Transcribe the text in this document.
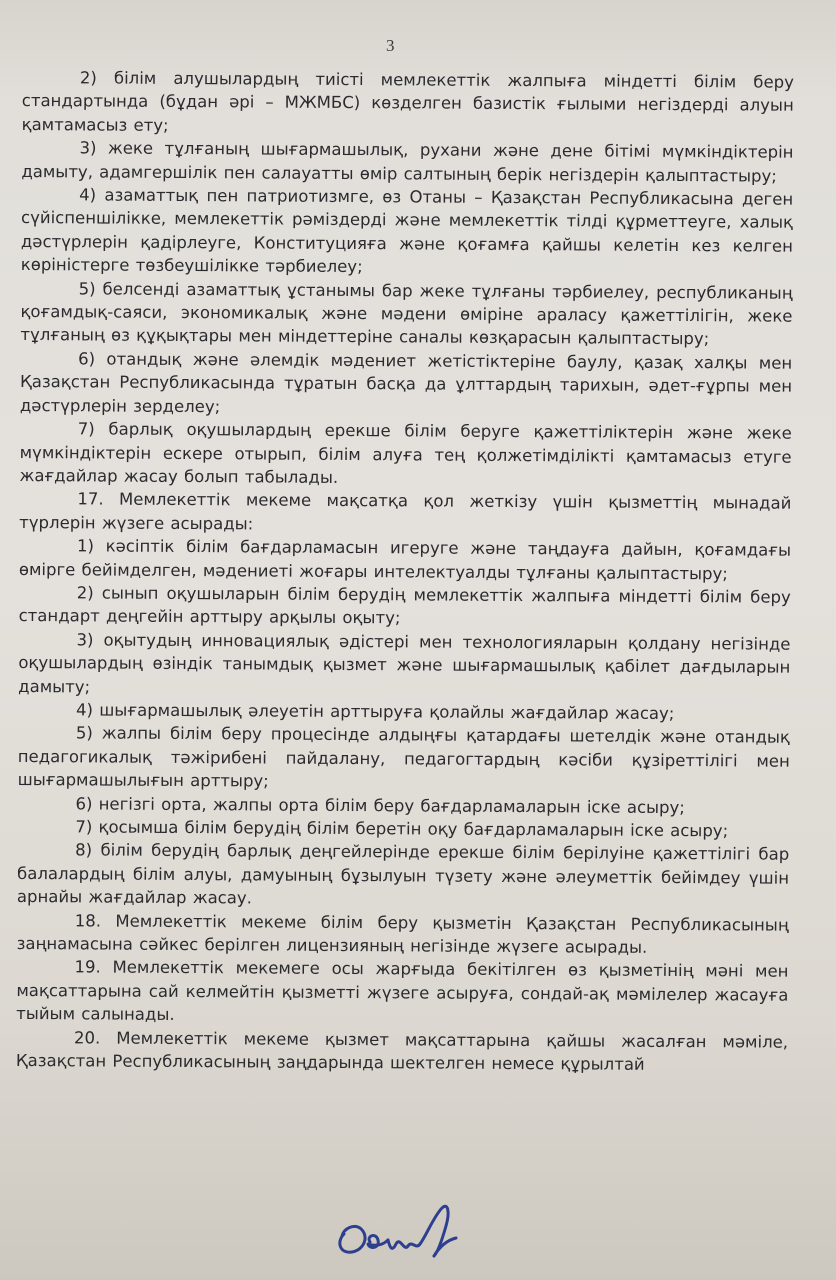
3

2) білім алушылардың тиісті мемлекеттік жалпыға міндетті білім беру стандартында (бұдан әрі – МЖМБС) көзделген базистік ғылыми негіздерді алуын қамтамасыз ету;

3) жеке тұлғаның шығармашылық, рухани және дене бітімі мүмкіндіктерін дамыту, адамгершілік пен салауатты өмір салтының берік негіздерін қалыптастыру;

4) азаматтық пен патриотизмге, өз Отаны – Қазақстан Республикасына деген сүйіспеншілікке, мемлекеттік рәміздерді және мемлекеттік тілді құрметтеуге, халық дәстүрлерін қадірлеуге, Конституцияға және қоғамға қайшы келетін кез келген көріністерге төзбеушілікке тәрбиелеу;

5) белсенді азаматтық ұстанымы бар жеке тұлғаны тәрбиелеу, республиканың қоғамдық-саяси, экономикалық және мәдени өміріне араласу қажеттілігін, жеке тұлғаның өз құқықтары мен міндеттеріне саналы көзқарасын қалыптастыру;

6) отандық және әлемдік мәдениет жетістіктеріне баулу, қазақ халқы мен Қазақстан Республикасында тұратын басқа да ұлттардың тарихын, әдет-ғұрпы мен дәстүрлерін зерделеу;

7) барлық оқушылардың ерекше білім беруге қажеттіліктерін және жеке мүмкіндіктерін ескере отырып, білім алуға тең қолжетімділікті қамтамасыз етуге жағдайлар жасау болып табылады.

17. Мемлекеттік мекеме мақсатқа қол жеткізу үшін қызметтің мынадай түрлерін жүзеге асырады:

1) кәсіптік білім бағдарламасын игеруге және таңдауға дайын, қоғамдағы өмірге бейімделген, мәдениеті жоғары интелектуалды тұлғаны қалыптастыру;

2) сынып оқушыларын білім берудің мемлекеттік жалпыға міндетті білім беру стандарт деңгейін арттыру арқылы оқыту;

3) оқытудың инновациялық әдістері мен технологияларын қолдану негізінде оқушылардың өзіндік танымдық қызмет және шығармашылық қабілет дағдыларын дамыту;

4) шығармашылық әлеуетін арттыруға қолайлы жағдайлар жасау;

5) жалпы білім беру процесінде алдыңғы қатардағы шетелдік және отандық педагогикалық тәжірибені пайдалану, педагогтардың кәсіби құзіреттілігі мен шығармашылығын арттыру;

6) негізгі орта, жалпы орта білім беру бағдарламаларын іске асыру;

7) қосымша білім берудің білім беретін оқу бағдарламаларын іске асыру;

8) білім берудің барлық деңгейлерінде ерекше білім берілуіне қажеттілігі бар балалардың білім алуы, дамуының бұзылуын түзету және әлеуметтік бейімдеу үшін арнайы жағдайлар жасау.

18. Мемлекеттік мекеме білім беру қызметін Қазақстан Республикасының заңнамасына сәйкес берілген лицензияның негізінде жүзеге асырады.

19. Мемлекеттік мекемеге осы жарғыда бекітілген өз қызметінің мәні мен мақсаттарына сай келмейтін қызметті жүзеге асыруға, сондай-ақ мәмілелер жасауға тыйым салынады.

20. Мемлекеттік мекеме қызмет мақсаттарына қайшы жасалған мәміле, Қазақстан Республикасының заңдарында шектелген немесе құрылтай
